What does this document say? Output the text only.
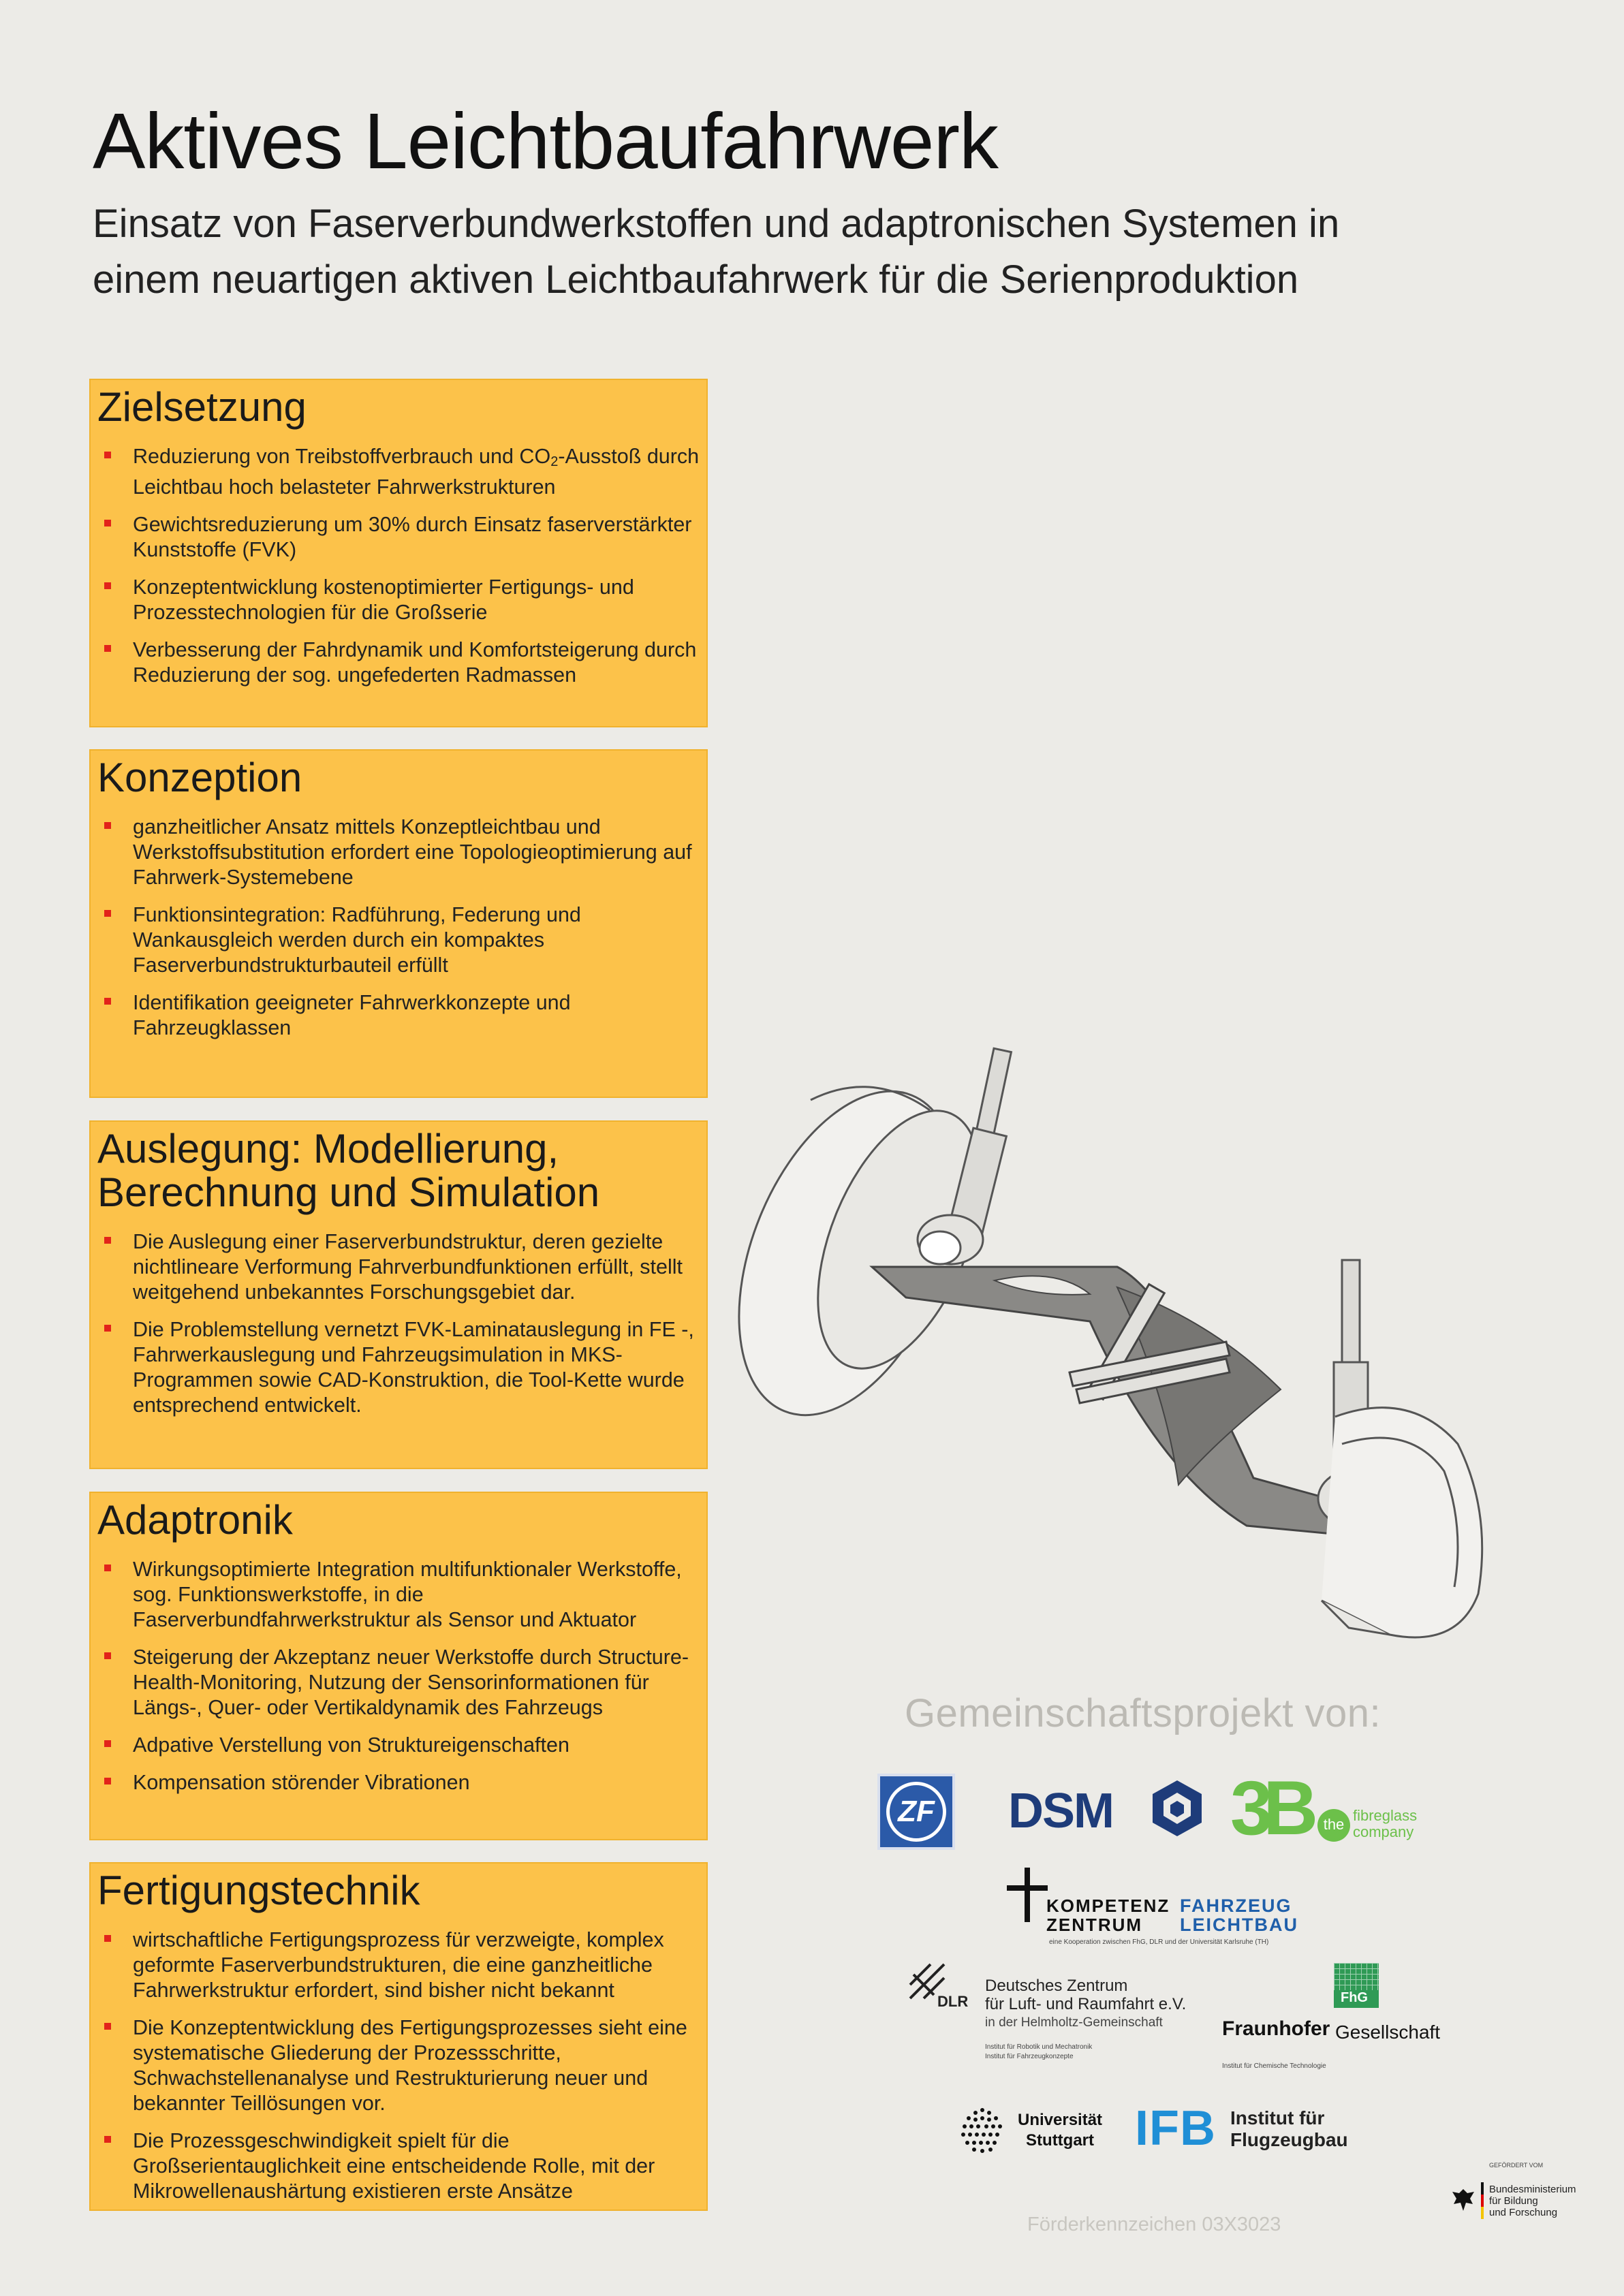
Aktives Leichtbaufahrwerk
Einsatz von Faserverbundwerkstoffen und adaptronischen Systemen in einem neuartigen aktiven Leichtbaufahrwerk für die Serienproduktion
Zielsetzung
Reduzierung von Treibstoffverbrauch und $CO_2$-Ausstoß durch Leichtbau hoch belasteter Fahrwerkstrukturen
Gewichtsreduzierung um 30% durch Einsatz faserverstärkter Kunststoffe (FVK)
Konzeptentwicklung kostenoptimierter Fertigungs- und Prozesstechnologien für die Großserie
Verbesserung der Fahrdynamik und Komfortsteigerung durch Reduzierung der sog. ungefederten Radmassen
Konzeption
ganzheitlicher Ansatz mittels Konzeptleichtbau und Werkstoffsubstitution erfordert eine Topologieoptimierung auf Fahrwerk-Systemebene
Funktionsintegration: Radführung, Federung und Wankausgleich werden durch ein kompaktes Faserverbundstrukturbauteil erfüllt
Identifikation geeigneter Fahrwerkkonzepte und Fahrzeugklassen
Auslegung: Modellierung, Berechnung und Simulation
Die Auslegung einer Faserverbundstruktur, deren gezielte nichtlineare Verformung Fahrverbundfunktionen erfüllt, stellt weitgehend unbekanntes Forschungsgebiet dar.
Die Problemstellung vernetzt FVK-Laminatauslegung in FE -, Fahrwerkauslegung und Fahrzeugsimulation in MKS-Programmen sowie CAD-Konstruktion, die Tool-Kette wurde entsprechend entwickelt.
Adaptronik
Wirkungsoptimierte Integration multifunktionaler Werkstoffe, sog. Funktionswerkstoffe, in die Faserverbundfahrwerkstruktur als Sensor und Aktuator
Steigerung der Akzeptanz neuer Werkstoffe durch Structure-Health-Monitoring, Nutzung der Sensorinformationen für Längs-, Quer- oder Vertikaldynamik des Fahrzeugs
Adpative Verstellung von Struktureigenschaften
Kompensation störender Vibrationen
Fertigungstechnik
wirtschaftliche Fertigungsprozess für verzweigte, komplex geformte Faserverbundstrukturen, die eine ganzheitliche Fahrwerkstruktur erfordert, sind bisher nicht bekannt
Die Konzeptentwicklung des Fertigungsprozesses sieht eine systematische Gliederung der Prozessschritte, Schwachstellenanalyse und Restrukturierung neuer und bekannter Teillösungen vor.
Die Prozessgeschwindigkeit spielt für die Großserientauglichkeit eine entscheidende Rolle, mit der Mikrowellenaushärtung existieren erste Ansätze
Gemeinschaftsprojekt von:
ZF DSM 3B the
fibreglass
company
KOMPETENZ
ZENTRUM
FAHRZEUG
LEICHTBAU
eine Kooperation zwischen FhG, DLR und der Universität Karlsruhe (TH)
DLR
Deutsches Zentrum
für Luft- und Raumfahrt e.V.
in der Helmholtz-Gemeinschaft
Institut für Robotik und Mechatronik
Institut für Fahrzeugkonzepte
FhG
Fraunhofer Gesellschaft
Institut für Chemische Technologie
Universität
Stuttgart IFB Institut für
Flugzeugbau
GEFÖRDERT VOM
Bundesministerium
für Bildung
und Forschung
Förderkennzeichen 03X3023
